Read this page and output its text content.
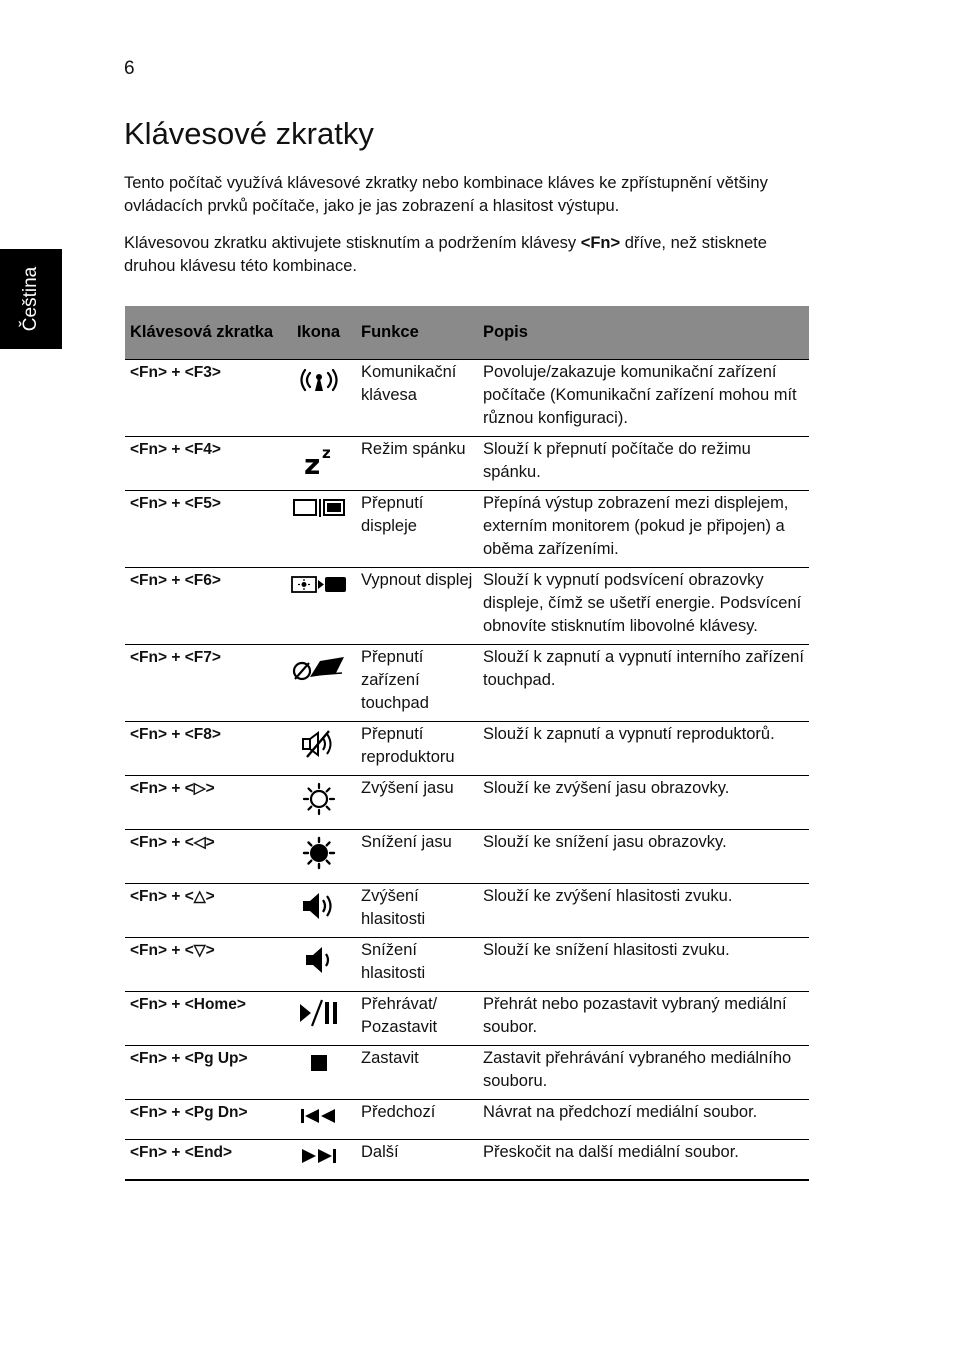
6
Čeština
Klávesové zkratky

Tento počítač využívá klávesové zkratky nebo kombinace kláves ke zpřístupnění většiny ovládacích prvků počítače, jako je jas zobrazení a hlasitost výstupu.

Klávesovou zkratku aktivujete stisknutím a podržením klávesy <Fn> dříve, než stisknete druhou klávesu této kombinace.

Klávesová zkratka	Ikona	Funkce	Popis
<Fn> + <F3>		Komunikační klávesa	Povoluje/zakazuje komunikační zařízení počítače (Komunikační zařízení mohou mít různou konfiguraci).
<Fn> + <F4>	z z	Režim spánku	Slouží k přepnutí počítače do režimu spánku.
<Fn> + <F5>		Přepnutí displeje	Přepíná výstup zobrazení mezi displejem, externím monitorem (pokud je připojen) a oběma zařízeními.
<Fn> + <F6>		Vypnout displej	Slouží k vypnutí podsvícení obrazovky displeje, čímž se ušetří energie. Podsvícení obnovíte stisknutím libovolné klávesy.
<Fn> + <F7>		Přepnutí zařízení touchpad	Slouží k zapnutí a vypnutí interního zařízení touchpad.
<Fn> + <F8>		Přepnutí reproduktoru	Slouží k zapnutí a vypnutí reproduktorů.
<Fn> + <▷>		Zvýšení jasu	Slouží ke zvýšení jasu obrazovky.
<Fn> + <◁>		Snížení jasu	Slouží ke snížení jasu obrazovky.
<Fn> + <△>		Zvýšení hlasitosti	Slouží ke zvýšení hlasitosti zvuku.
<Fn> + <▽>		Snížení hlasitosti	Slouží ke snížení hlasitosti zvuku.
<Fn> + <Home>		Přehrávat/ Pozastavit	Přehrát nebo pozastavit vybraný mediální soubor.
<Fn> + <Pg Up>		Zastavit	Zastavit přehrávání vybraného mediálního souboru.
<Fn> + <Pg Dn>		Předchozí	Návrat na předchozí mediální soubor.
<Fn> + <End>		Další	Přeskočit na další mediální soubor.
